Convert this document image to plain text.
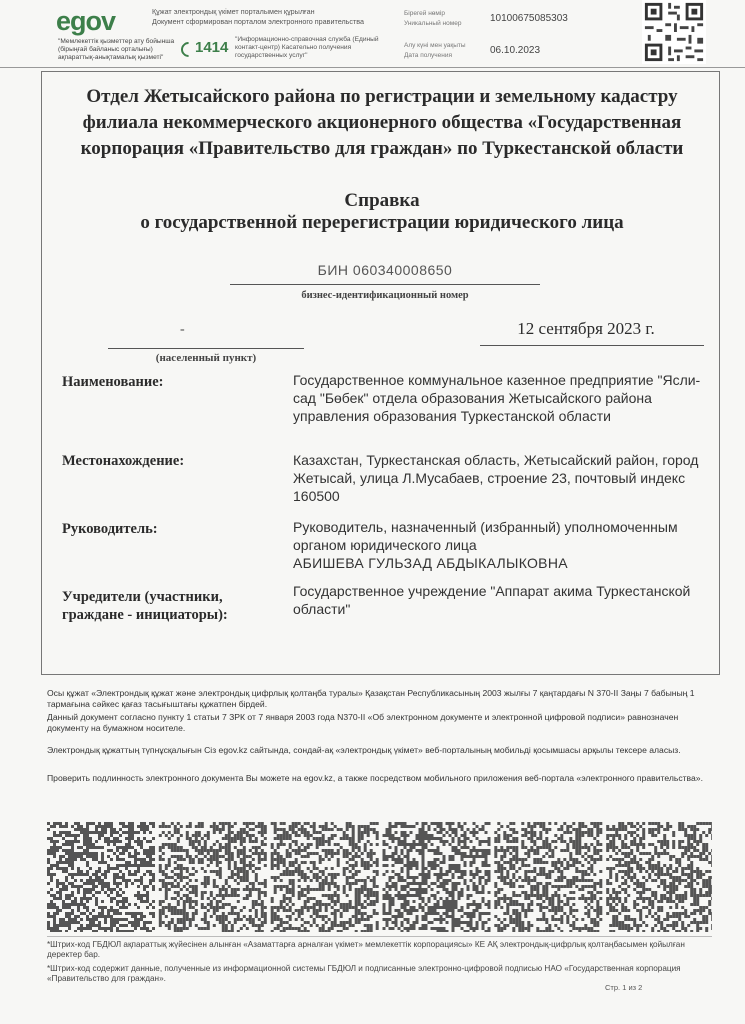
egov
"Мемлекеттік қызметтер ату бойынша (бірыңғай байланыс орталығы) ақпараттық-анықтамалық қызметі"
1414
Құжат электрондық үкімет порталымен құрылған
Документ сформирован порталом электронного правительства
"Информационно-справочная служба (Единый контакт-центр) Касательно получения государственных услуг"
Бірегей нөмір
Уникальный номер	10100675085303
Алу күні мен уақыты
Дата получения	06.10.2023
Отдел Жетысайского района по регистрации и земельному кадастру филиала некоммерческого акционерного общества «Государственная корпорация «Правительство для граждан» по Туркестанской области
Справка
о государственной перерегистрации юридического лица
БИН 060340008650
бизнес-идентификационный номер
-
(населенный пункт)
12 сентября 2023 г.
Наименование:	Государственное коммунальное казенное предприятие "Ясли-сад "Бөбек" отдела образования Жетысайского района управления образования Туркестанской области
Местонахождение:	Казахстан, Туркестанская область, Жетысайский район, город Жетысай, улица Л.Мусабаев, строение 23, почтовый индекс 160500
Руководитель:	Руководитель, назначенный (избранный) уполномоченным органом юридического лица
АБИШЕВА ГУЛЬЗАД АБДЫКАЛЫКОВНА
Учредители (участники, граждане - инициаторы):
Государственное учреждение "Аппарат акима Туркестанской области"
Осы құжат «Электрондық құжат және электрондық цифрлық қолтаңба туралы» Қазақстан Республикасының 2003 жылғы 7 қаңтардағы N 370-II Заңы 7 бабының 1 тармағына сәйкес қағаз тасығыштағы құжатпен бірдей.
Данный документ согласно пункту 1 статьи 7 ЗРК от 7 января 2003 года N370-II «Об электронном документе и электронной цифровой подписи» равнозначен документу на бумажном носителе.
Электрондық құжаттың түпнұсқалығын Сіз egov.kz сайтында, сондай-ақ «электрондық үкімет» веб-порталының мобильді қосымшасы арқылы тексере аласыз.
Проверить подлинность электронного документа Вы можете на egov.kz, а также посредством мобильного приложения веб-портала «электронного правительства».
*Штрих-код ГБДЮЛ ақпараттық жүйесінен алынған «Азаматтарға арналған үкімет» мемлекеттік корпорациясы» КЕ АҚ электрондық-цифрлық қолтаңбасымен қойылған деректер бар.
*Штрих-код содержит данные, полученные из информационной системы ГБДЮЛ и подписанные электронно-цифровой подписью НАО «Государственная корпорация «Правительство для граждан».
Стр. 1 из 2
